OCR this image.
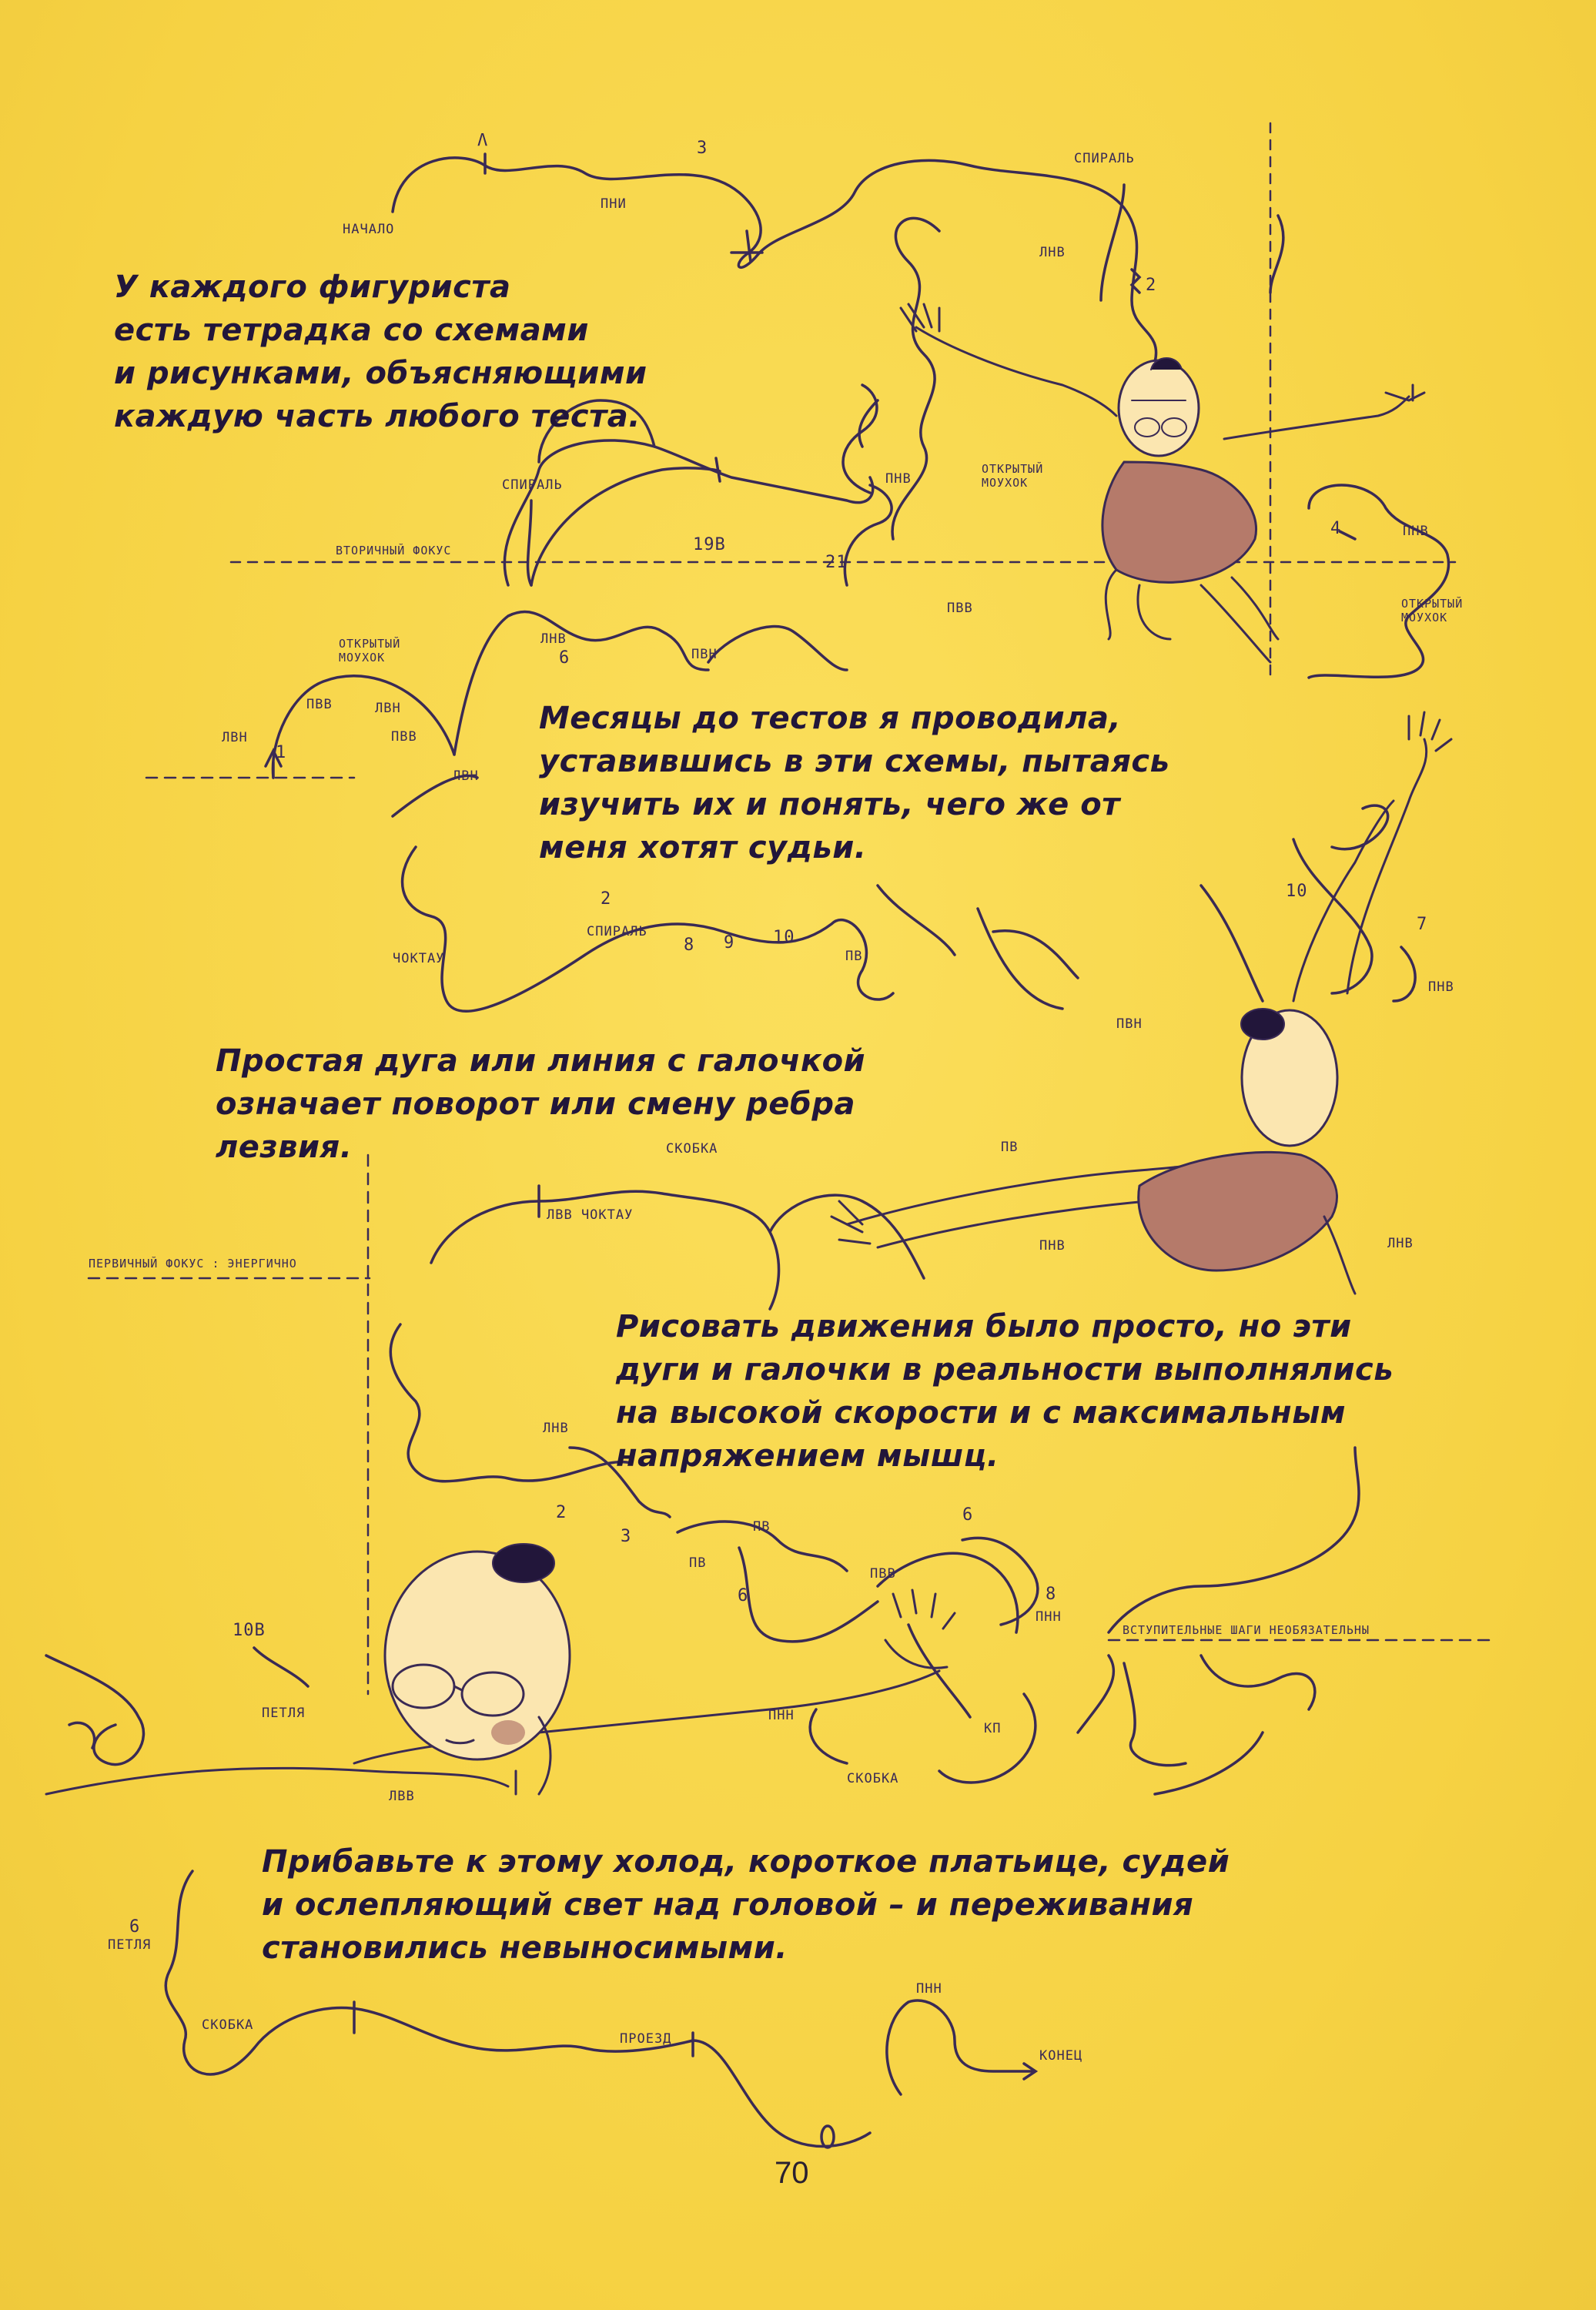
У каждого фигуриста
есть тетрадка со схемами
и рисунками, объясняющими
каждую часть любого теста.
Месяцы до тестов я проводила,
уставившись в эти схемы, пытаясь
изучить их и понять, чего же от
меня хотят судьи.
Простая дуга или линия с галочкой
означает поворот или смену ребра
лезвия.
Рисовать движения было просто, но эти
дуги и галочки в реальности выполнялись
на высокой скорости и с максимальным
напряжением мышц.
Прибавьте к этому холод, короткое платьице, судей
и ослепляющий свет над головой – и переживания
становились невыносимыми.
НАЧАЛО
Λ	3
ПНИ
СПИРАЛЬ
ЛНВ
2
ОТКРЫТЫЙ МОУХОК
ПНВ
СПИРАЛЬ
19B
ВТОРИЧНЫЙ ФОКУС
21
ПВВ
4	ПНВ
ОТКРЫТЫЙ МОУХОК
ОТКРЫТЫЙ МОУХОК
ЛНВ
6	ПВН
ПВВ	ЛВН
ПВВ
ЛВН
1
ЛВН
2
СПИРАЛЬ
8 9 10
ПВ
ЧОКТАУ
10
7
ПНВ
ПВН
СКОБКА	ПВ
ЛВВ ЧОКТАУ
ПНВ	ЛНВ
ПЕРВИЧНЫЙ ФОКУС : ЭНЕРГИЧНО
ЛНВ
2
3	ПВ
ПВ
6
ПВВ
6
8
ПНН
ВСТУПИТЕЛЬНЫЕ ШАГИ НЕОБЯЗАТЕЛЬНЫ
10B
ПЕТЛЯ	ПНН
КП
СКОБКА
ЛВВ
6
ПЕТЛЯ
СКОБКА
ПРОЕЗД
ПНН
КОНЕЦ
70
